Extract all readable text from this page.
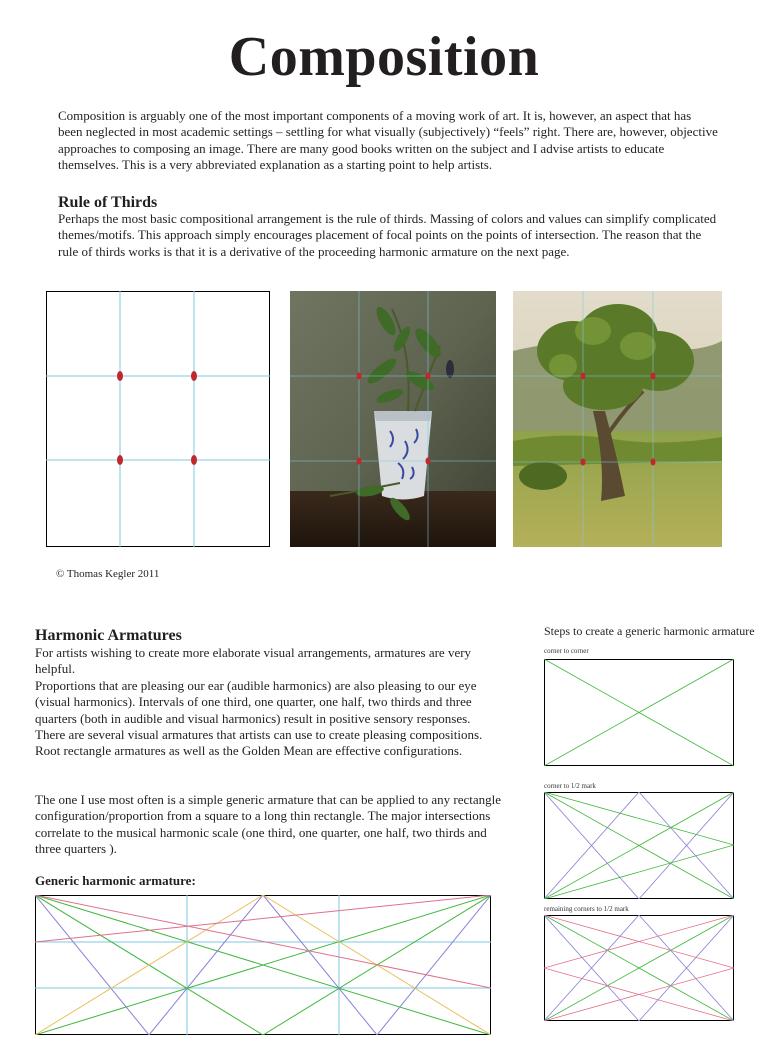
Composition

Composition is arguably one of the most important components of a moving work of art. It is, however, an aspect that has been neglected in most academic settings – settling for what visually (subjectively) “feels” right. There are, however, objective approaches to composing an image. There are many good books written on the subject and I advise artists to educate themselves. This is a very abbreviated explanation as a starting point to help artists.

Rule of Thirds

Perhaps the most basic compositional arrangement is the rule of thirds. Massing of colors and values can simplify complicated themes/motifs. This approach simply encourages placement of focal points on the points of intersection. The reason that the rule of thirds works is that it is a derivative of the proceeding harmonic armature on the next page.

© Thomas Kegler 2011
Harmonic Armatures

For artists wishing to create more elaborate visual arrangements, armatures are very helpful.
Proportions that are pleasing our ear (audible harmonics) are also pleasing to our eye (visual harmonics). Intervals of one third, one quarter, one half, two thirds and three quarters (both in audible and visual harmonics) result in positive sensory responses. There are several visual armatures that artists can use to create pleasing compositions. Root rectangle armatures as well as the Golden Mean are effective configurations.

The one I use most often is a simple generic armature that can be applied to any rectangle configuration/proportion from a square to a long thin rectangle. The major intersections correlate to the musical harmonic scale (one third, one quarter, one half, two thirds and three quarters ).

Generic harmonic armature:
Steps to create a generic harmonic armature
corner to corner
corner to 1/2 mark
remaining corners to 1/2 mark
